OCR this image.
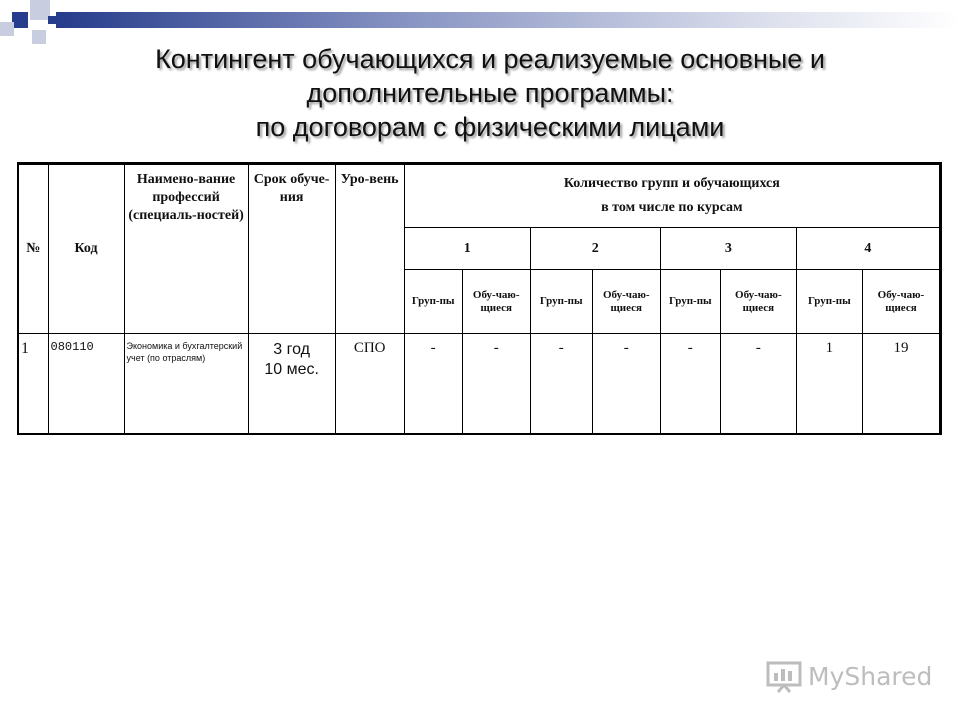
Контингент обучающихся и реализуемые основные и
дополнительные программы:
по договорам с физическими лицами
№	Код	Наимено-вание профессий (специаль-ностей)	Срок обуче-ния	Уро-вень	Количество групп и обучающихся
в том числе по курсам							

					1		2		3		4	
					Груп-пы	Обу-чаю-щиеся	Груп-пы	Обу-чаю-щиеся	Груп-пы	Обу-чаю-щиеся	Груп-пы	Обу-чаю-щиеся
1	080110	Экономика и бухгалтерский учет (по отраслям)	3 год
10 мес.	СПО	-	-	-	-	-	-	1	19
MyShared
